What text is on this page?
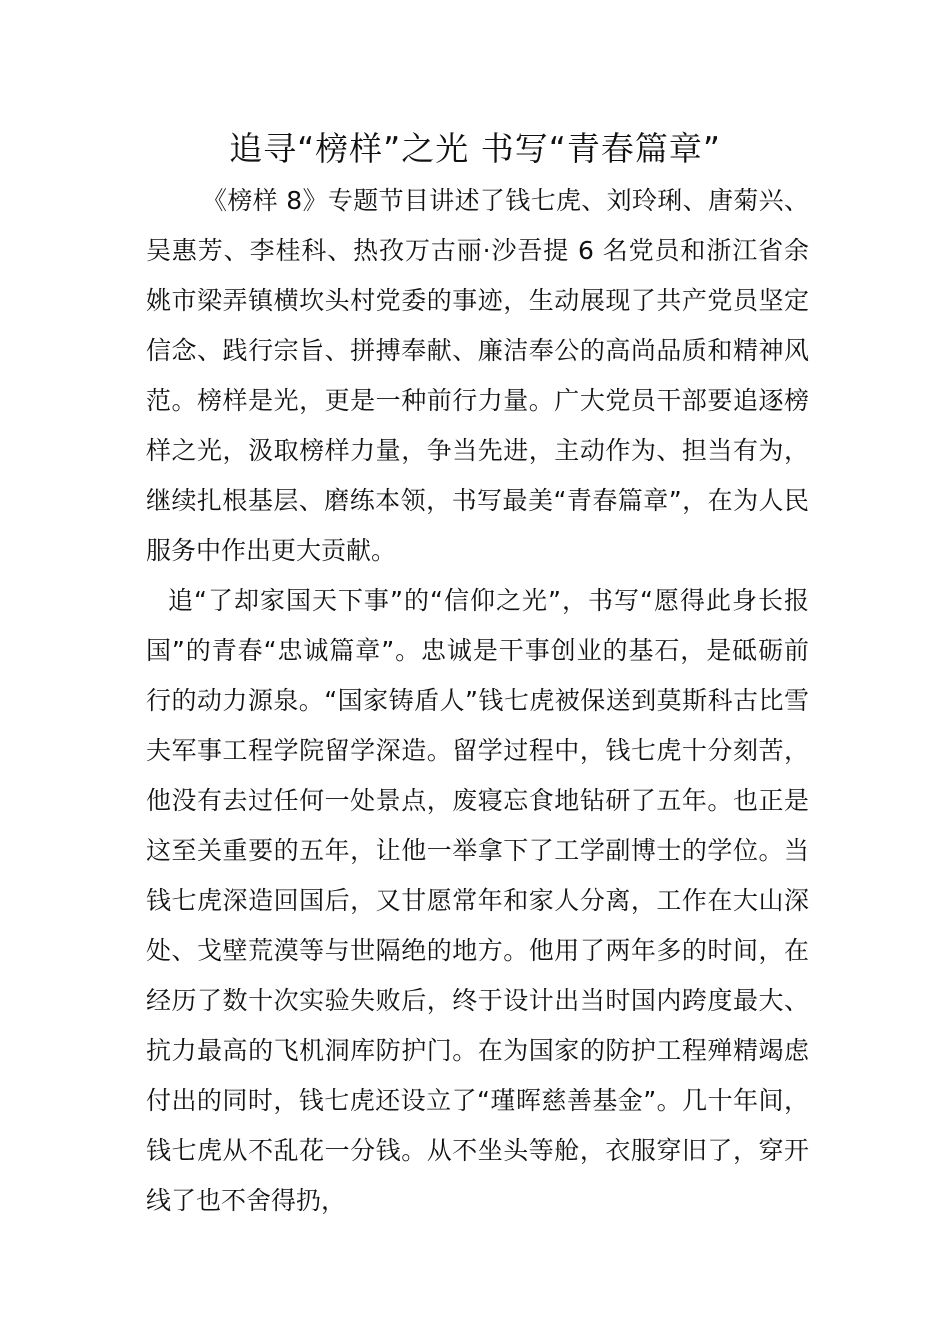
追寻“榜样”之光 书写“青春篇章”

《榜样 8》专题节目讲述了钱七虎、刘玲琍、唐菊兴、吴惠芳、李桂科、热孜万古丽·沙吾提 6 名党员和浙江省余姚市梁弄镇横坎头村党委的事迹，生动展现了共产党员坚定信念、践行宗旨、拼搏奉献、廉洁奉公的高尚品质和精神风范。榜样是光，更是一种前行力量。广大党员干部要追逐榜样之光，汲取榜样力量，争当先进，主动作为、担当有为，继续扎根基层、磨练本领，书写最美“青春篇章”，在为人民服务中作出更大贡献。

追“了却家国天下事”的“信仰之光”，书写“愿得此身长报国”的青春“忠诚篇章”。忠诚是干事创业的基石，是砥砺前行的动力源泉。“国家铸盾人”钱七虎被保送到莫斯科古比雪夫军事工程学院留学深造。留学过程中，钱七虎十分刻苦，他没有去过任何一处景点，废寝忘食地钻研了五年。也正是这至关重要的五年，让他一举拿下了工学副博士的学位。当钱七虎深造回国后，又甘愿常年和家人分离，工作在大山深处、戈壁荒漠等与世隔绝的地方。他用了两年多的时间，在经历了数十次实验失败后，终于设计出当时国内跨度最大、抗力最高的飞机洞库防护门。在为国家的防护工程殚精竭虑付出的同时，钱七虎还设立了“瑾晖慈善基金”。几十年间，钱七虎从不乱花一分钱。从不坐头等舱，衣服穿旧了，穿开线了也不舍得扔，
